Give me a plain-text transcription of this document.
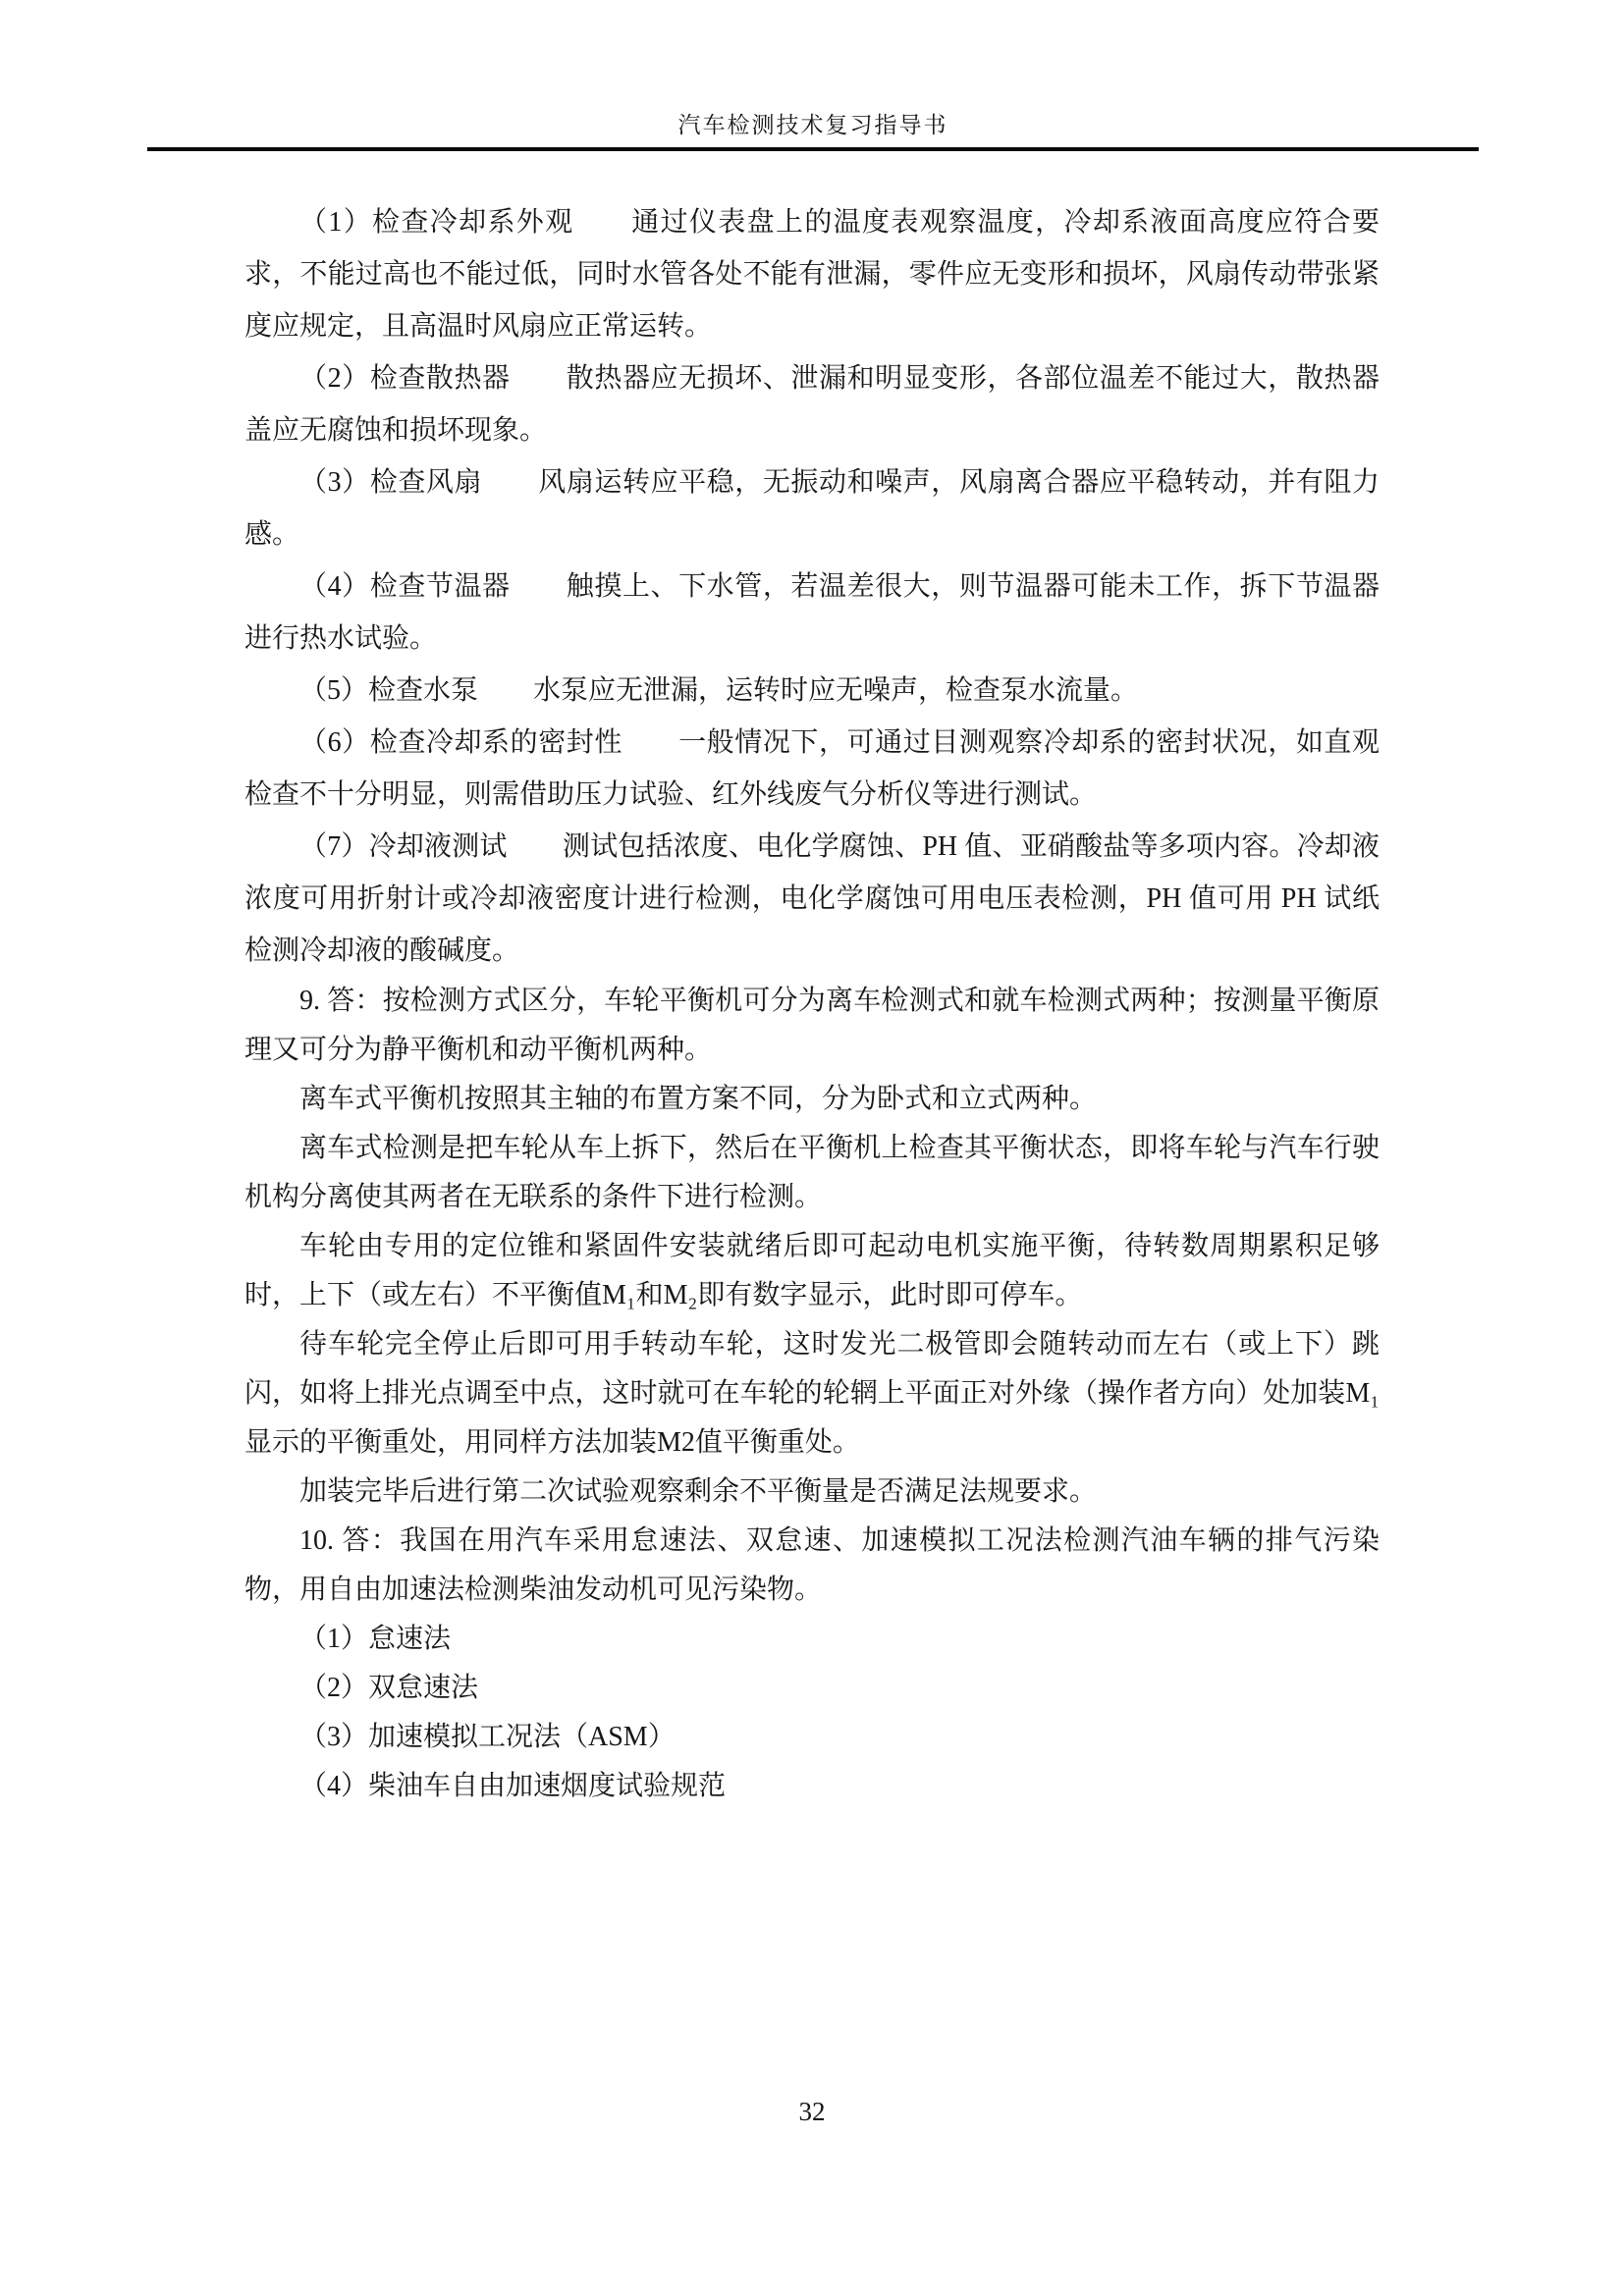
汽车检测技术复习指导书

（1）检查冷却系外观　　通过仪表盘上的温度表观察温度，冷却系液面高度应符合要求，不能过高也不能过低，同时水管各处不能有泄漏，零件应无变形和损坏，风扇传动带张紧度应规定，且高温时风扇应正常运转。

（2）检查散热器　　散热器应无损坏、泄漏和明显变形，各部位温差不能过大，散热器盖应无腐蚀和损坏现象。

（3）检查风扇　　风扇运转应平稳，无振动和噪声，风扇离合器应平稳转动，并有阻力感。

（4）检查节温器　　触摸上、下水管，若温差很大，则节温器可能未工作，拆下节温器进行热水试验。

（5）检查水泵　　水泵应无泄漏，运转时应无噪声，检查泵水流量。

（6）检查冷却系的密封性　　一般情况下，可通过目测观察冷却系的密封状况，如直观检查不十分明显，则需借助压力试验、红外线废气分析仪等进行测试。

（7）冷却液测试　　测试包括浓度、电化学腐蚀、PH 值、亚硝酸盐等多项内容。冷却液浓度可用折射计或冷却液密度计进行检测，电化学腐蚀可用电压表检测，PH 值可用 PH 试纸检测冷却液的酸碱度。

9. 答：按检测方式区分，车轮平衡机可分为离车检测式和就车检测式两种；按测量平衡原理又可分为静平衡机和动平衡机两种。

离车式平衡机按照其主轴的布置方案不同，分为卧式和立式两种。

离车式检测是把车轮从车上拆下，然后在平衡机上检查其平衡状态，即将车轮与汽车行驶机构分离使其两者在无联系的条件下进行检测。

车轮由专用的定位锥和紧固件安装就绪后即可起动电机实施平衡，待转数周期累积足够时，上下（或左右）不平衡值M₁和M₂即有数字显示，此时即可停车。

待车轮完全停止后即可用手转动车轮，这时发光二极管即会随转动而左右（或上下）跳闪，如将上排光点调至中点，这时就可在车轮的轮辋上平面正对外缘（操作者方向）处加装M₁显示的平衡重处，用同样方法加装M2值平衡重处。

加装完毕后进行第二次试验观察剩余不平衡量是否满足法规要求。

10. 答：我国在用汽车采用怠速法、双怠速、加速模拟工况法检测汽油车辆的排气污染物，用自由加速法检测柴油发动机可见污染物。

（1）怠速法

（2）双怠速法

（3）加速模拟工况法（ASM）

（4）柴油车自由加速烟度试验规范

32
